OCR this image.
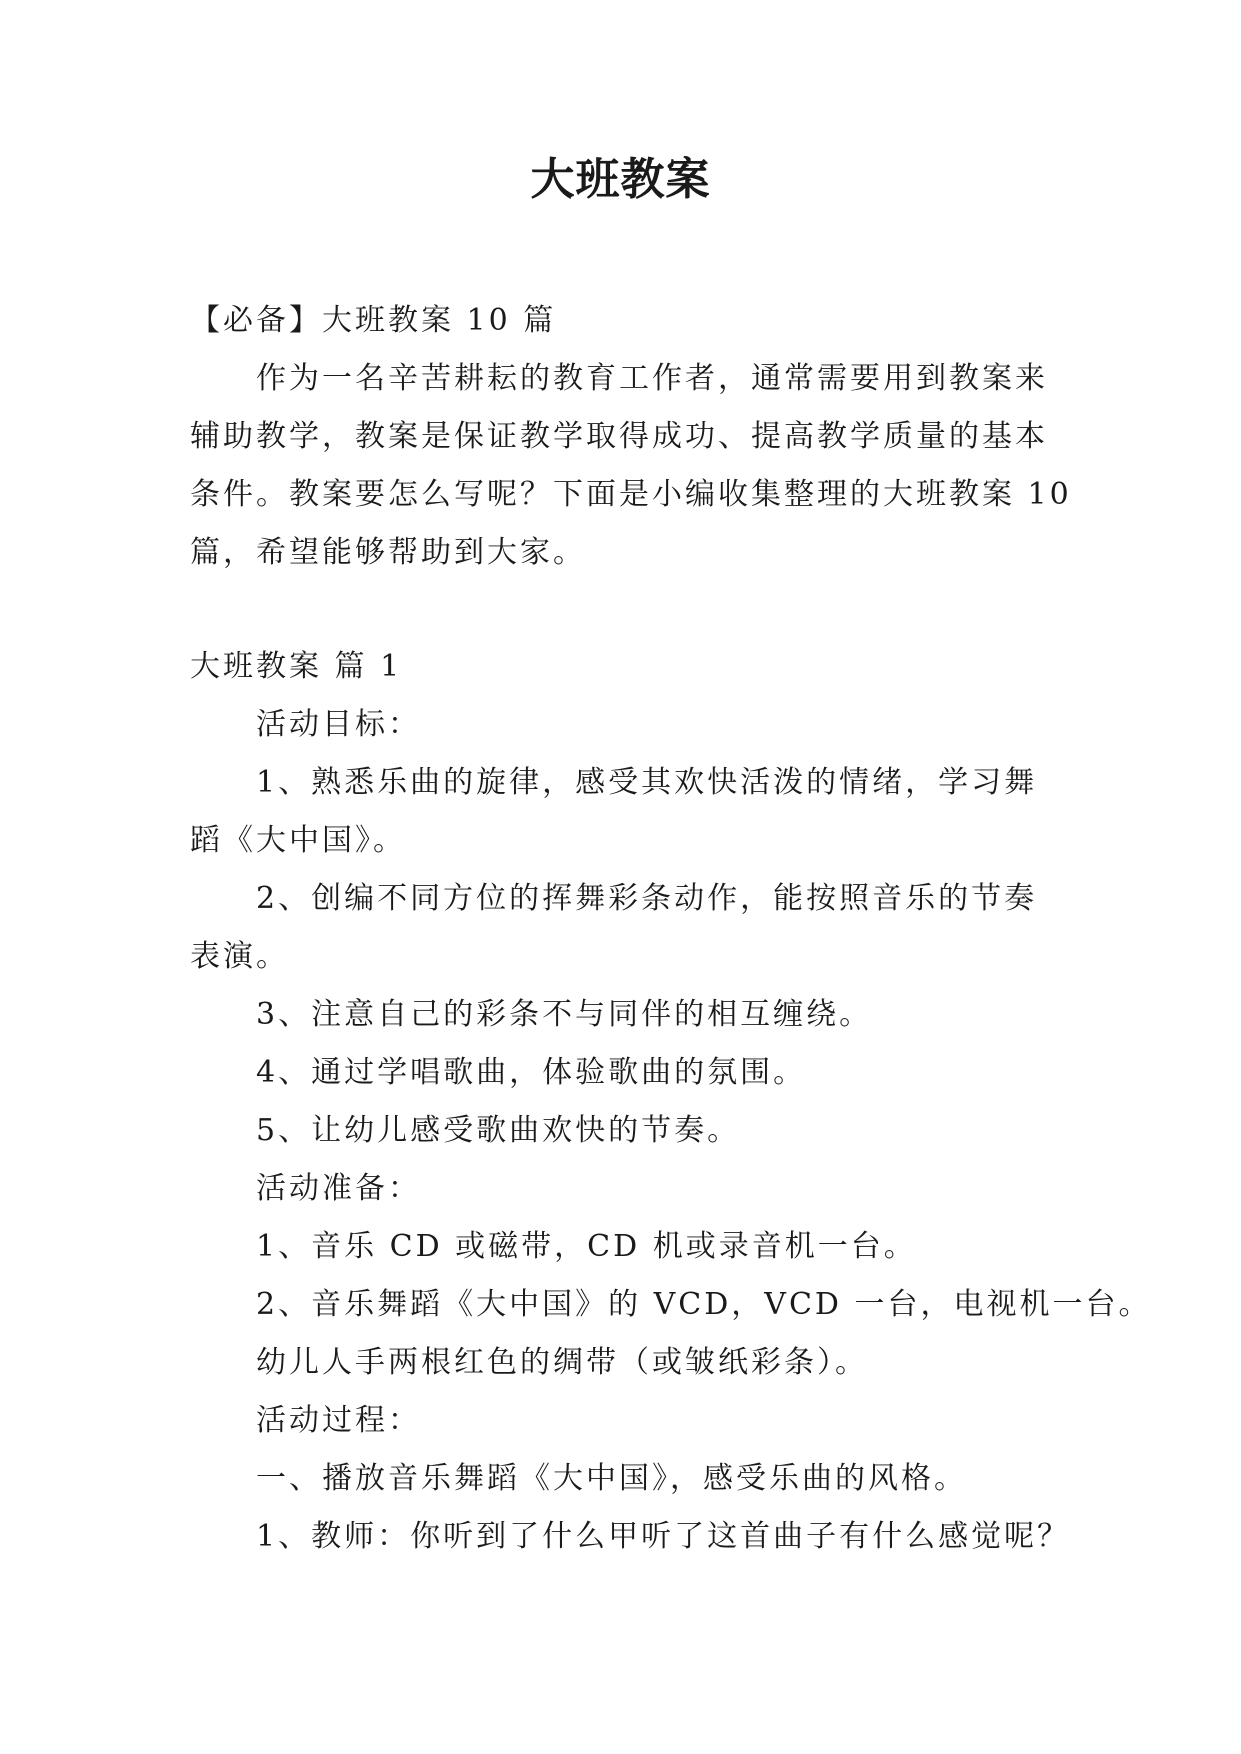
大班教案
【必备】大班教案 10 篇
作为一名辛苦耕耘的教育工作者，通常需要用到教案来
辅助教学，教案是保证教学取得成功、提高教学质量的基本
条件。教案要怎么写呢？下面是小编收集整理的大班教案 10
篇，希望能够帮助到大家。
大班教案 篇 1
活动目标：
1、熟悉乐曲的旋律，感受其欢快活泼的情绪，学习舞
蹈《大中国》。
2、创编不同方位的挥舞彩条动作，能按照音乐的节奏
表演。
3、注意自己的彩条不与同伴的相互缠绕。
4、通过学唱歌曲，体验歌曲的氛围。
5、让幼儿感受歌曲欢快的节奏。
活动准备：
1、音乐 CD 或磁带，CD 机或录音机一台。
2、音乐舞蹈《大中国》的 VCD，VCD 一台，电视机一台。
幼儿人手两根红色的绸带（或皱纸彩条）。
活动过程：
一、播放音乐舞蹈《大中国》，感受乐曲的风格。
1、教师：你听到了什么甲听了这首曲子有什么感觉呢？
